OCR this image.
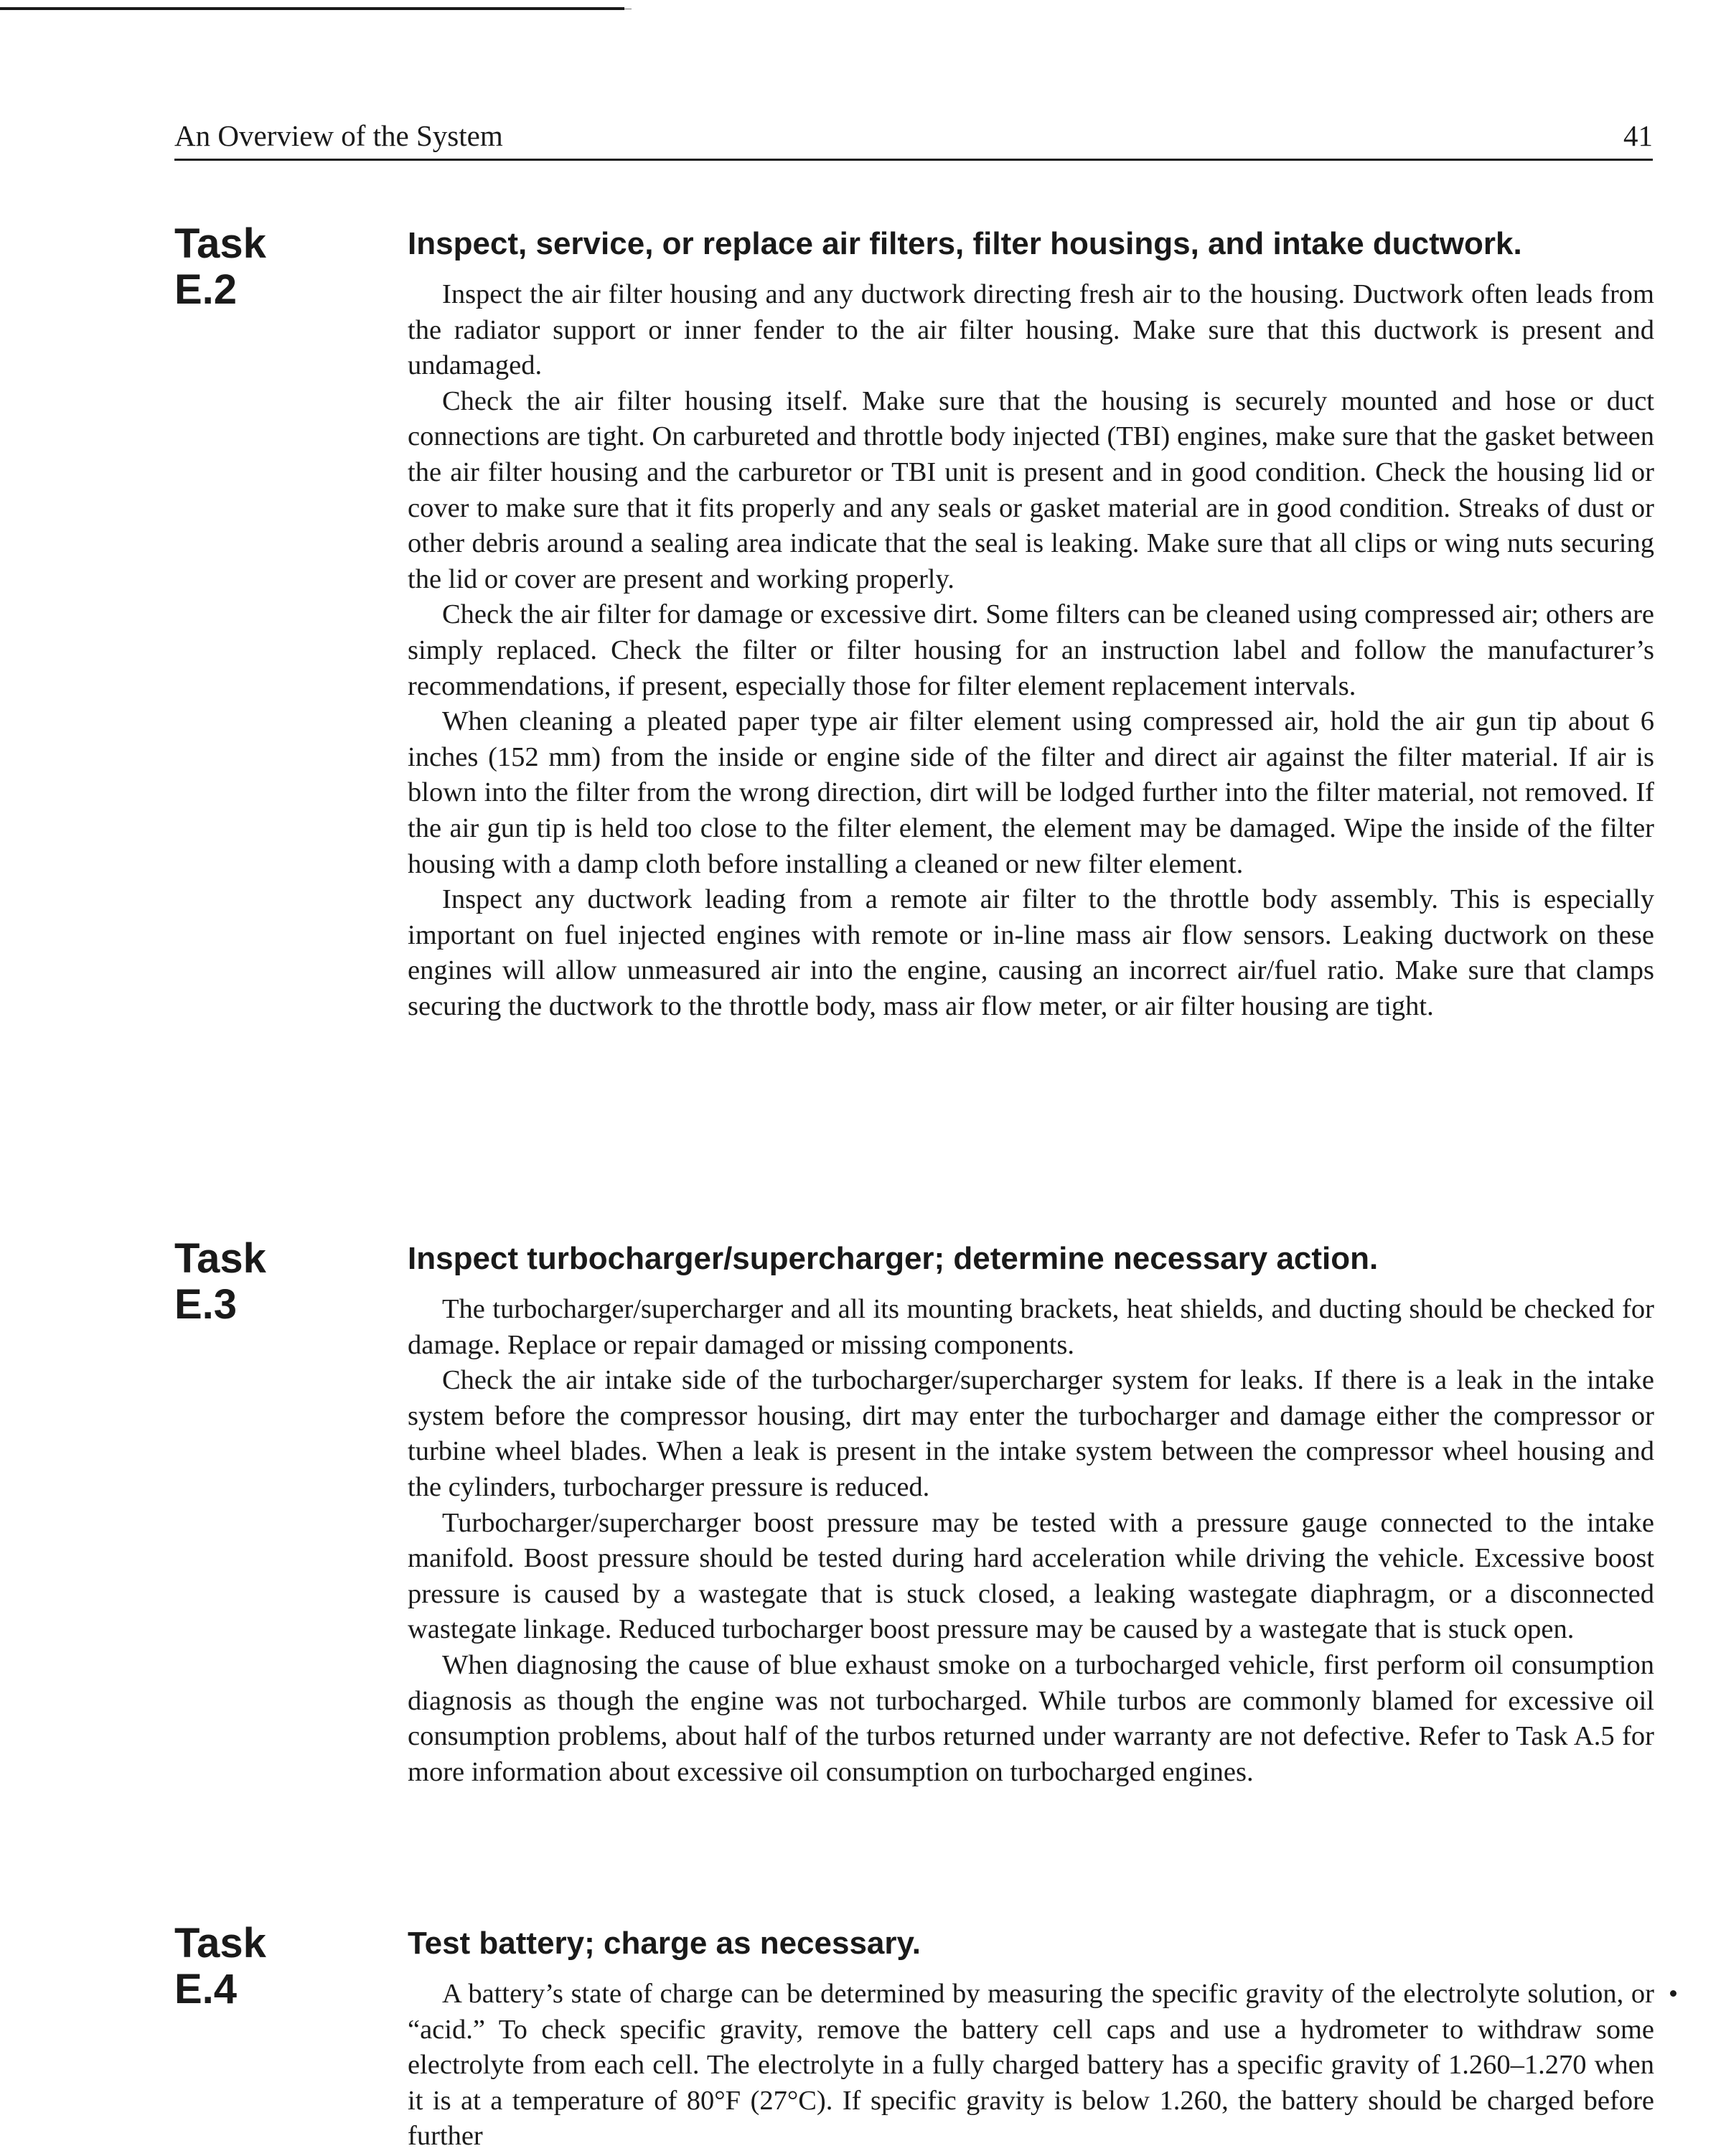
An Overview of the System	41
Task
E.2
Inspect, service, or replace air filters, filter housings, and intake ductwork.

Inspect the air filter housing and any ductwork directing fresh air to the housing. Ductwork often leads from the radiator support or inner fender to the air filter housing. Make sure that this ductwork is present and undamaged.

Check the air filter housing itself. Make sure that the housing is securely mounted and hose or duct connections are tight. On carbureted and throttle body injected (TBI) engines, make sure that the gasket between the air filter housing and the carburetor or TBI unit is present and in good condition. Check the housing lid or cover to make sure that it fits properly and any seals or gasket material are in good condition. Streaks of dust or other debris around a sealing area indicate that the seal is leaking. Make sure that all clips or wing nuts securing the lid or cover are present and working properly.

Check the air filter for damage or excessive dirt. Some filters can be cleaned using compressed air; others are simply replaced. Check the filter or filter housing for an instruction label and follow the manufacturer’s recommendations, if present, especially those for filter element replacement intervals.

When cleaning a pleated paper type air filter element using compressed air, hold the air gun tip about 6 inches (152 mm) from the inside or engine side of the filter and direct air against the filter material. If air is blown into the filter from the wrong direction, dirt will be lodged further into the filter material, not removed. If the air gun tip is held too close to the filter element, the element may be damaged. Wipe the inside of the filter housing with a damp cloth before installing a cleaned or new filter element.

Inspect any ductwork leading from a remote air filter to the throttle body assembly. This is especially important on fuel injected engines with remote or in-line mass air flow sensors. Leaking ductwork on these engines will allow unmeasured air into the engine, causing an incorrect air/fuel ratio. Make sure that clamps securing the ductwork to the throttle body, mass air flow meter, or air filter housing are tight.

Task
E.3
Inspect turbocharger/supercharger; determine necessary action.

The turbocharger/supercharger and all its mounting brackets, heat shields, and ducting should be checked for damage. Replace or repair damaged or missing components.

Check the air intake side of the turbocharger/supercharger system for leaks. If there is a leak in the intake system before the compressor housing, dirt may enter the turbocharger and damage either the compressor or turbine wheel blades. When a leak is present in the intake system between the compressor wheel housing and the cylinders, turbocharger pressure is reduced.

Turbocharger/supercharger boost pressure may be tested with a pressure gauge connected to the intake manifold. Boost pressure should be tested during hard acceleration while driving the vehicle. Excessive boost pressure is caused by a wastegate that is stuck closed, a leaking wastegate diaphragm, or a disconnected wastegate linkage. Reduced turbocharger boost pressure may be caused by a wastegate that is stuck open.

When diagnosing the cause of blue exhaust smoke on a turbocharged vehicle, first perform oil consumption diagnosis as though the engine was not turbocharged. While turbos are commonly blamed for excessive oil consumption problems, about half of the turbos returned under warranty are not defective. Refer to Task A.5 for more information about excessive oil consumption on turbocharged engines.

Task
E.4
Test battery; charge as necessary.

A battery’s state of charge can be determined by measuring the specific gravity of the electrolyte solution, or “acid.” To check specific gravity, remove the battery cell caps and use a hydrometer to withdraw some electrolyte from each cell. The electrolyte in a fully charged battery has a specific gravity of 1.260–1.270 when it is at a temperature of 80°F (27°C). If specific gravity is below 1.260, the battery should be charged before further
